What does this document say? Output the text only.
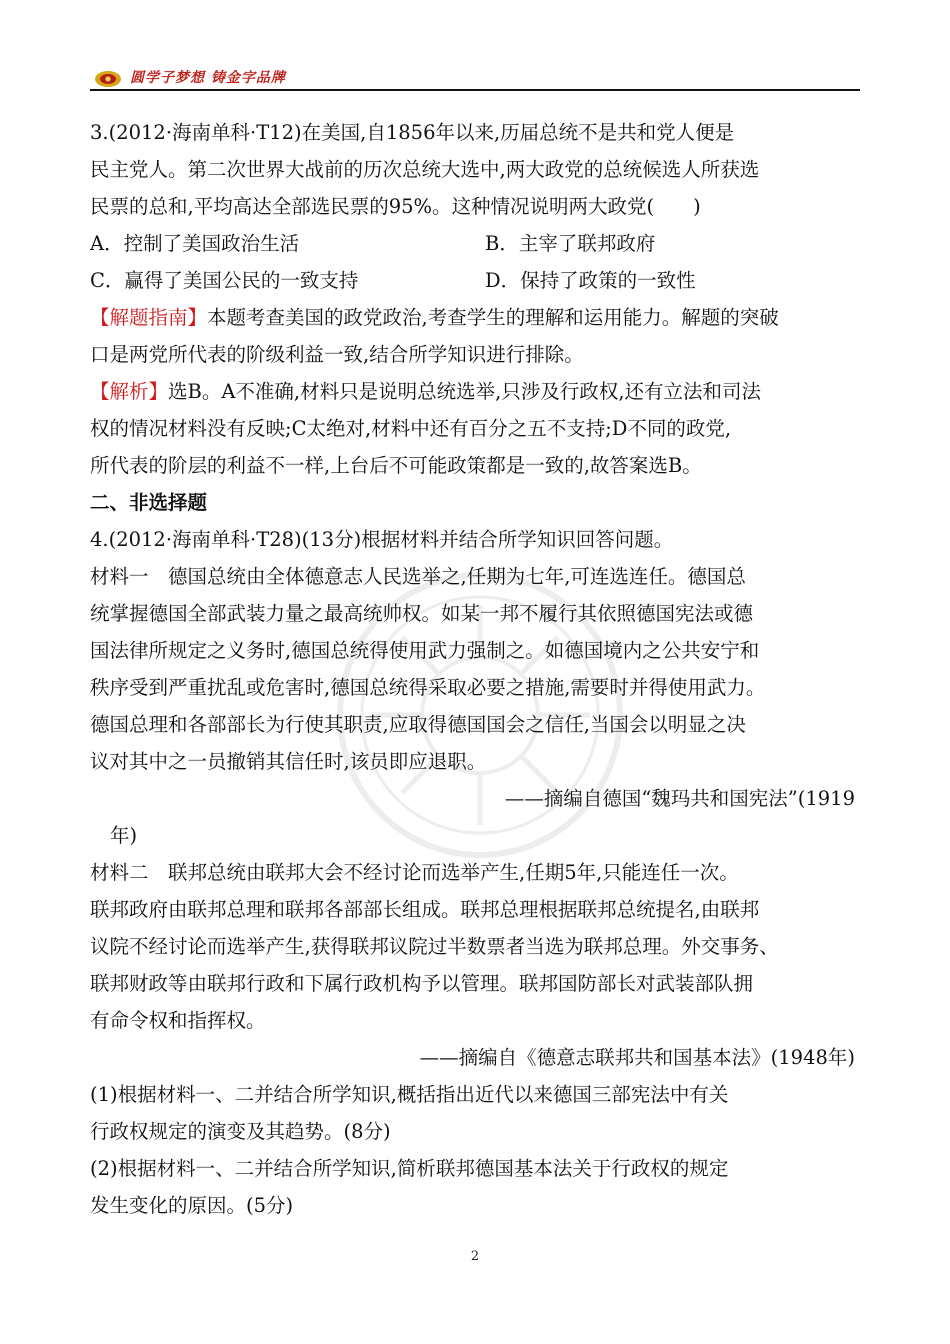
圆学子梦想 铸金字品牌
3.(2012·海南单科·T12)在美国,自1856年以来,历届总统不是共和党人便是
民主党人。第二次世界大战前的历次总统大选中,两大政党的总统候选人所获选
民票的总和,平均高达全部选民票的95%。这种情况说明两大政党(　　)
A．控制了美国政治生活	B．主宰了联邦政府
C．赢得了美国公民的一致支持	D．保持了政策的一致性
【解题指南】本题考查美国的政党政治,考查学生的理解和运用能力。解题的突破
口是两党所代表的阶级利益一致,结合所学知识进行排除。
【解析】选B。A不准确,材料只是说明总统选举,只涉及行政权,还有立法和司法
权的情况材料没有反映;C太绝对,材料中还有百分之五不支持;D不同的政党,
所代表的阶层的利益不一样,上台后不可能政策都是一致的,故答案选B。
二、非选择题
4.(2012·海南单科·T28)(13分)根据材料并结合所学知识回答问题。
材料一　德国总统由全体德意志人民选举之,任期为七年,可连选连任。德国总
统掌握德国全部武装力量之最高统帅权。如某一邦不履行其依照德国宪法或德
国法律所规定之义务时,德国总统得使用武力强制之。如德国境内之公共安宁和
秩序受到严重扰乱或危害时,德国总统得采取必要之措施,需要时并得使用武力。
德国总理和各部部长为行使其职责,应取得德国国会之信任,当国会以明显之决
议对其中之一员撤销其信任时,该员即应退职。
——摘编自德国“魏玛共和国宪法”(1919
年)
材料二　联邦总统由联邦大会不经讨论而选举产生,任期5年,只能连任一次。
联邦政府由联邦总理和联邦各部部长组成。联邦总理根据联邦总统提名,由联邦
议院不经讨论而选举产生,获得联邦议院过半数票者当选为联邦总理。外交事务、
联邦财政等由联邦行政和下属行政机构予以管理。联邦国防部长对武装部队拥
有命令权和指挥权。
——摘编自《德意志联邦共和国基本法》(1948年)
(1)根据材料一、二并结合所学知识,概括指出近代以来德国三部宪法中有关
行政权规定的演变及其趋势。(8分)
(2)根据材料一、二并结合所学知识,简析联邦德国基本法关于行政权的规定
发生变化的原因。(5分)
2
